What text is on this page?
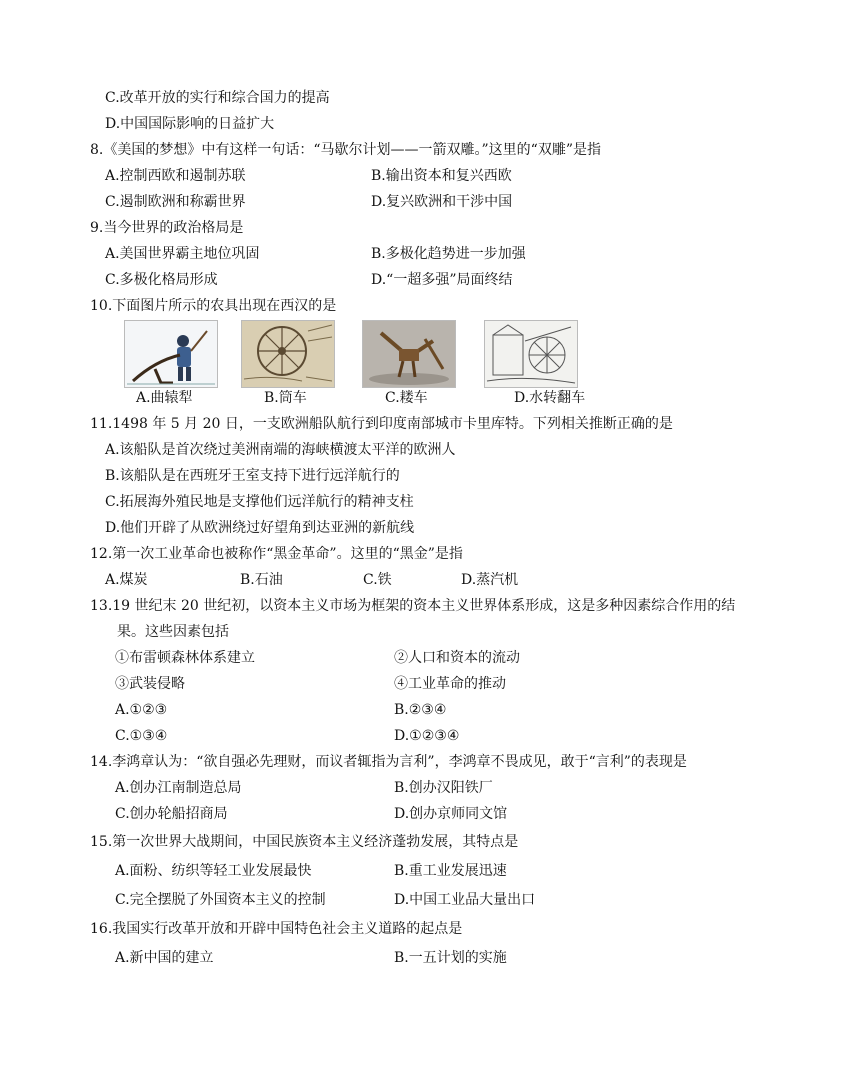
C.改革开放的实行和综合国力的提高
D.中国国际影响的日益扩大
8.《美国的梦想》中有这样一句话：“马歇尔计划——一箭双雕。”这里的“双雕”是指
A.控制西欧和遏制苏联	B.输出资本和复兴西欧
C.遏制欧洲和称霸世界	D.复兴欧洲和干涉中国
9.当今世界的政治格局是
A.美国世界霸主地位巩固	B.多极化趋势进一步加强
C.多极化格局形成	D.“一超多强”局面终结
10.下面图片所示的农具出现在西汉的是
A.曲辕犁	B.筒车	C.耧车	D.水转翻车
11.1498 年 5 月 20 日，一支欧洲船队航行到印度南部城市卡里库特。下列相关推断正确的是
A.该船队是首次绕过美洲南端的海峡横渡太平洋的欧洲人
B.该船队是在西班牙王室支持下进行远洋航行的
C.拓展海外殖民地是支撑他们远洋航行的精神支柱
D.他们开辟了从欧洲绕过好望角到达亚洲的新航线
12.第一次工业革命也被称作“黑金革命”。这里的“黑金”是指
A.煤炭	B.石油	C.铁	D.蒸汽机
13.19 世纪末 20 世纪初，以资本主义市场为框架的资本主义世界体系形成，这是多种因素综合作用的结
果。这些因素包括
①布雷顿森林体系建立	②人口和资本的流动
③武装侵略	④工业革命的推动
A.①②③	B.②③④
C.①③④	D.①②③④
14.李鸿章认为：“欲自强必先理财，而议者辄指为言利”，李鸿章不畏成见，敢于“言利”的表现是
A.创办江南制造总局	B.创办汉阳铁厂
C.创办轮船招商局	D.创办京师同文馆
15.第一次世界大战期间，中国民族资本主义经济蓬勃发展，其特点是
A.面粉、纺织等轻工业发展最快	B.重工业发展迅速
C.完全摆脱了外国资本主义的控制	D.中国工业品大量出口
16.我国实行改革开放和开辟中国特色社会主义道路的起点是
A.新中国的建立	B.一五计划的实施
